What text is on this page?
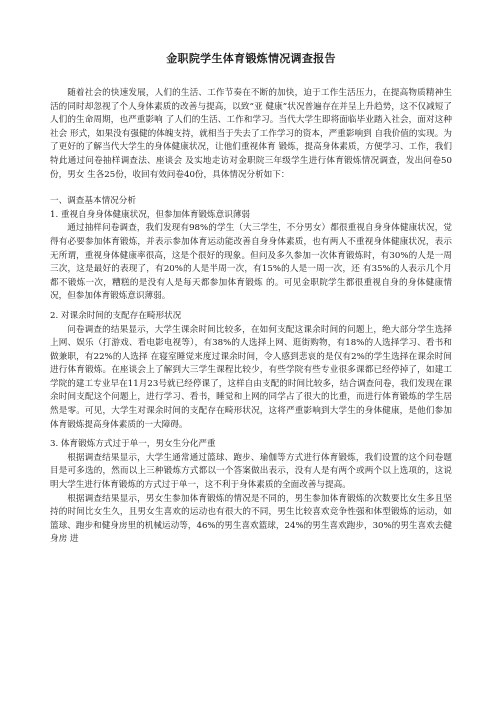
金职院学生体育锻炼情况调查报告

随着社会的快速发展，人们的生活、工作节奏在不断的加快，迫于工作生活压力，在提高物质精神生活的同时却忽视了个人身体素质的改善与提高，以致“亚 健康”状况普遍存在并呈上升趋势，这不仅减短了人们的生命周期，也严重影响 了人们的生活、工作和学习。当代大学生即将面临毕业踏入社会，面对这种社会 形式，如果没有强健的体魄支持，就相当于失去了工作学习的资本，严重影响到 自我价值的实现。为了更好的了解当代大学生的身体健康状况，让他们重视体育 锻炼，提高身体素质，方便学习、工作，我们特此通过问卷抽样调查法、座谈会 及实地走访对金职院三年级学生进行体育锻炼情况调查，发出问卷50份，男女 生各25份，收回有效问卷40份，具体情况分析如下：

一、调查基本情况分析

1. 重视自身身体健康状况，但参加体育锻炼意识薄弱

通过抽样问卷调查，我们发现有98%的学生（大三学生，不分男女）都很重视自身身体健康状况，觉得有必要参加体育锻炼，并表示参加体育运动能改善自身身体素质，也有两人不重视身体健康状况，表示无所谓，重视身体健康率很高，这是个很好的现象。但问及多久参加一次体育锻炼时，有30%的人是一周三次，这是最好的表现了，有20%的人是半周一次，有15%的人是一周一次，还 有35%的人表示几个月都不锻炼一次，糟糕的是没有人是每天都参加体育锻炼 的。可见金职院学生都很重视自身的身体健康情况，但参加体育锻炼意识薄弱。

2. 对课余时间的支配存在畸形状况

问卷调查的结果显示，大学生课余时间比较多，在如何支配这课余时间的问题上，绝大部分学生选择上网、娱乐（打游戏、看电影电视等），有38%的人选择上网、逛街购物，有18%的人选择学习、看书和做兼职，有22%的人选择 在寝室睡觉来度过课余时间，令人感到悲哀的是仅有2%的学生选择在课余时间 进行体育锻炼。在座谈会上了解到大三学生课程比较少，有些学院有些专业很多课都已经停掉了，如建工学院的建工专业早在11月23号就已经停课了，这样自由支配的时间比较多，结合调查问卷，我们发现在课余时间支配这个问题上，进行学习、看书，睡觉和上网的同学占了很大的比重，而进行体育锻炼的学生居然是零。可见，大学生对课余时间的支配存在畸形状况，这将严重影响到大学生的身体健康，是他们参加体育锻炼提高身体素质的一大障碍。

3. 体育锻炼方式过于单一，男女生分化严重

根据调查结果显示，大学生通常通过篮球、跑步、瑜伽等方式进行体育锻炼，我们设置的这个问卷题目是可多选的，然而以上三种锻炼方式都以一个答案做出表示，没有人是有两个或两个以上选项的，这说明大学生进行体育锻炼的方式过于单一，这不利于身体素质的全面改善与提高。

根据调查结果显示，男女生参加体育锻炼的情况是不同的，男生参加体育锻炼的次数要比女生多且坚持的时间比女生久，且男女生喜欢的运动也有很大的不同，男生比较喜欢竞争性强和体型锻炼的运动，如篮球、跑步和健身房里的机械运动等，46%的男生喜欢篮球，24%的男生喜欢跑步，30%的男生喜欢去健身房 进
